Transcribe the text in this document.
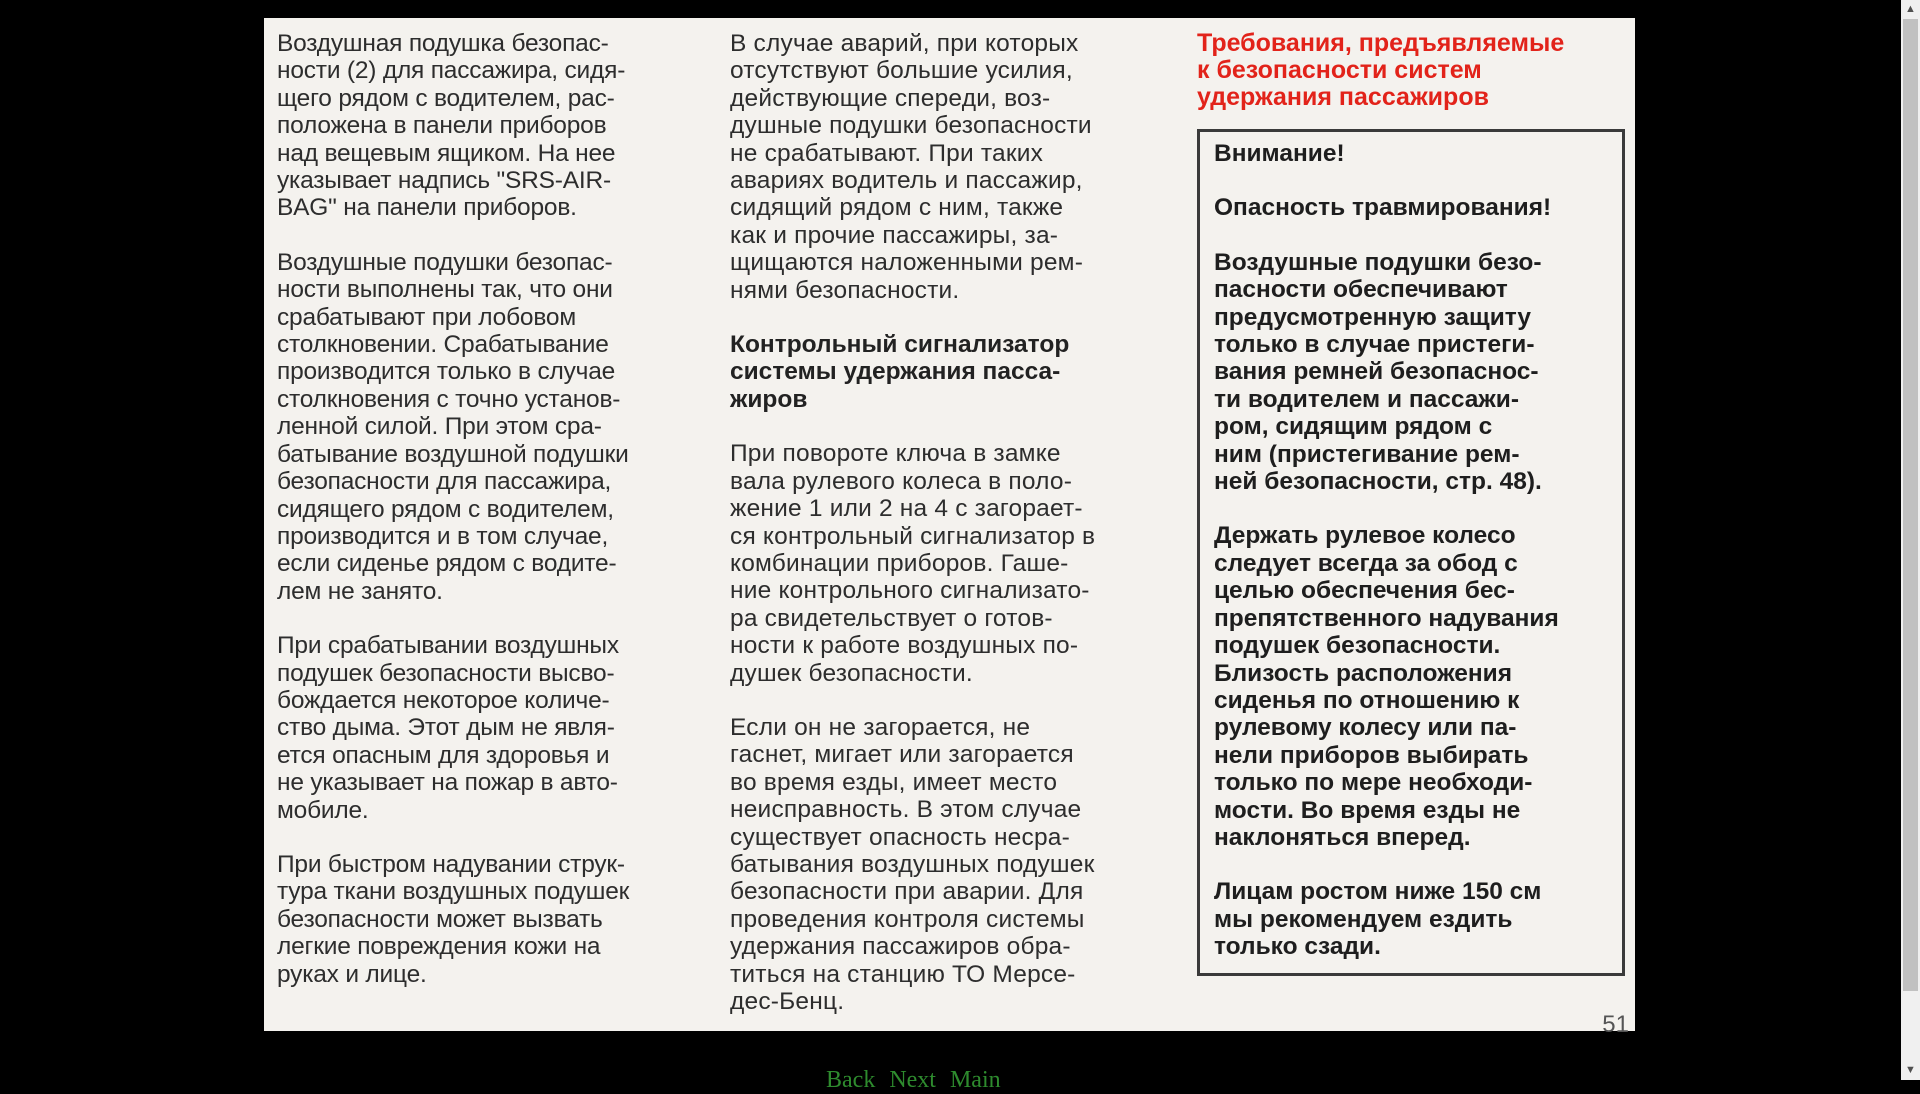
Воздушная подушка безопас-
ности (2) для пассажира, сидя-
щего рядом с водителем, рас-
положена в панели приборов
над вещевым ящиком. На нее
указывает надпись "SRS-AIR-
BAG" на панели приборов.

Воздушные подушки безопас-
ности выполнены так, что они
срабатывают при лобовом
столкновении. Срабатывание
производится только в случае
столкновения с точно установ-
ленной силой. При этом сра-
батывание воздушной подушки
безопасности для пассажира,
сидящего рядом с водителем,
производится и в том случае,
если сиденье рядом с водите-
лем не занято.

При срабатывании воздушных
подушек безопасности высво-
бождается некоторое количе-
ство дыма. Этот дым не явля-
ется опасным для здоровья и
не указывает на пожар в авто-
мобиле.

При быстром надувании струк-
тура ткани воздушных подушек
безопасности может вызвать
легкие повреждения кожи на
руках и лице.

В случае аварий, при которых
отсутствуют большие усилия,
действующие спереди, воз-
душные подушки безопасности
не срабатывают. При таких
авариях водитель и пассажир,
сидящий рядом с ним, также
как и прочие пассажиры, за-
щищаются наложенными рем-
нями безопасности.

Контрольный сигнализатор
системы удержания пасса-
жиров

При повороте ключа в замке
вала рулевого колеса в поло-
жение 1 или 2 на 4 с загорает-
ся контрольный сигнализатор в
комбинации приборов. Гаше-
ние контрольного сигнализато-
ра свидетельствует о готов-
ности к работе воздушных по-
душек безопасности.

Если он не загорается, не
гаснет, мигает или загорается
во время езды, имеет место
неисправность. В этом случае
существует опасность несра-
батывания воздушных подушек
безопасности при аварии. Для
проведения контроля системы
удержания пассажиров обра-
титься на станцию ТО Мерсе-
дес-Бенц.

Требования, предъявляемые
к безопасности систем
удержания пассажиров

Внимание!

Опасность травмирования!

Воздушные подушки безо-
пасности обеспечивают
предусмотренную защиту
только в случае пристеги-
вания ремней безопаснос-
ти водителем и пассажи-
ром, сидящим рядом с
ним (пристегивание рем-
ней безопасности, стр. 48).

Держать рулевое колесо
следует всегда за обод с
целью обеспечения бес-
препятственного надувания
подушек безопасности.
Близость расположения
сиденья по отношению к
рулевому колесу или па-
нели приборов выбирать
только по мере необходи-
мости. Во время езды не
наклоняться вперед.

Лицам ростом ниже 150 см
мы рекомендуем ездить
только сзади.

51
Back Next Main
▲
▼
